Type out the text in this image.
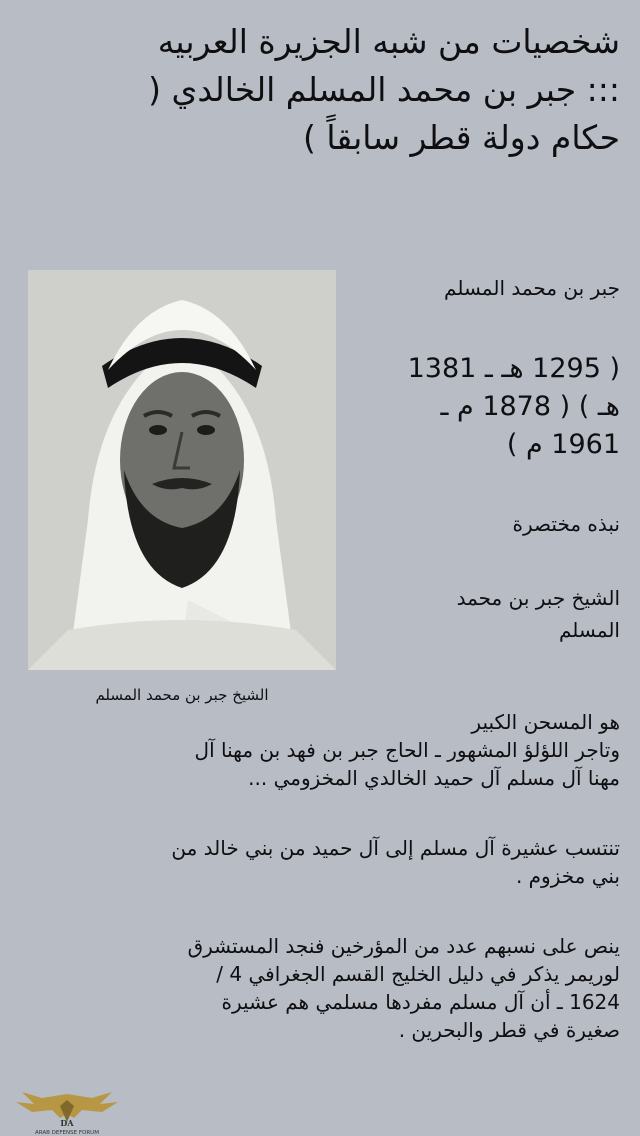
شخصيات من شبه الجزيرة العربيه
::: جبر بن محمد المسلم الخالدي (
حكام دولة قطر سابقاً )
الشيخ جبر بن محمد المسلم
جبر بن محمد المسلم
( 1295 هـ ـ 1381
هـ ) ( 1878 م ـ
1961 م )
نبذه مختصرة
الشيخ جبر بن محمد
المسلم

هو المسحن الكبير

وتاجر اللؤلؤ المشهور ـ الحاج جبر بن فهد بن مهنا آل

مهنا آل مسلم آل حميد الخالدي المخزومي ...

تنتسب عشيرة آل مسلم إلى آل حميد من بني خالد من

بني مخزوم .

ينص على نسبهم عدد من المؤرخين فنجد المستشرق

لوريمر يذكر في دليل الخليج القسم الجغرافي 4 /

1624 ـ أن آل مسلم مفردها مسلمي هم عشيرة

صغيرة في قطر والبحرين .

DA
ARAB DEFENSE FORUM
